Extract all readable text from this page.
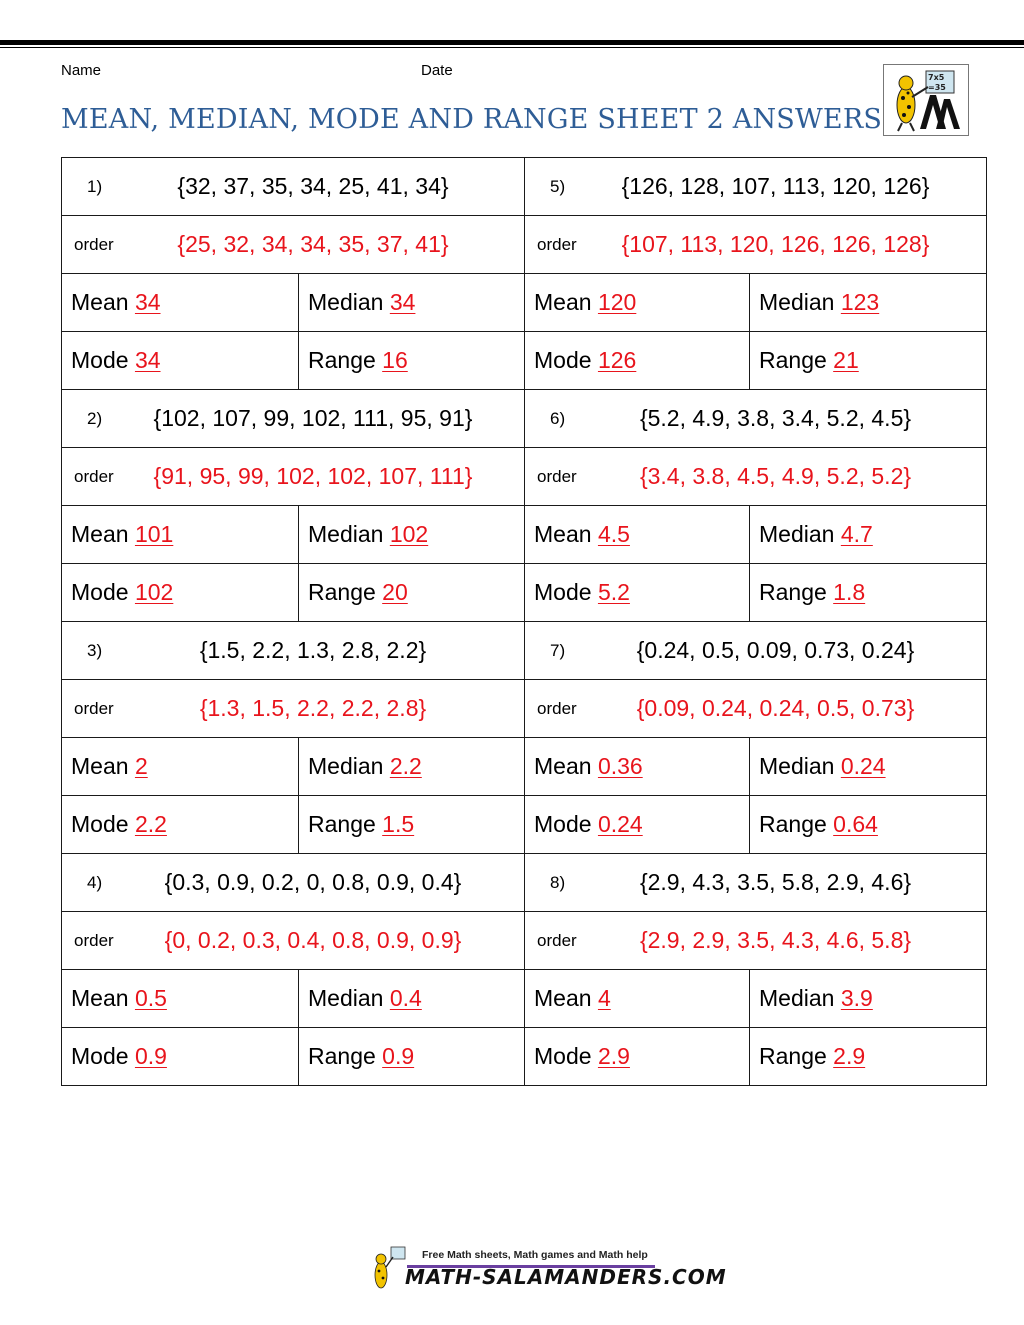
Name	Date
MEAN, MEDIAN, MODE AND RANGE SHEET 2 ANSWERS
7x5
=35
1) {32, 37, 35, 34, 25, 41, 34}		5) {126, 128, 107, 113, 120, 126}	

order {25, 32, 34, 34, 35, 37, 41}		order {107, 113, 120, 126, 126, 128}	

Mean 34	Median 34	Mean 120	Median 123
Mode 34	Range 16	Mode 126	Range 21

2) {102, 107, 99, 102, 111, 95, 91}		6) {5.2, 4.9, 3.8, 3.4, 5.2, 4.5}	

order {91, 95, 99, 102, 102, 107, 111}		order {3.4, 3.8, 4.5, 4.9, 5.2, 5.2}	

Mean 101	Median 102	Mean 4.5	Median 4.7
Mode 102	Range 20	Mode 5.2	Range 1.8

3) {1.5, 2.2, 1.3, 2.8, 2.2}		7) {0.24, 0.5, 0.09, 0.73, 0.24}	

order {1.3, 1.5, 2.2, 2.2, 2.8}		order {0.09, 0.24, 0.24, 0.5, 0.73}	

Mean 2	Median 2.2	Mean 0.36	Median 0.24
Mode 2.2	Range 1.5	Mode 0.24	Range 0.64

4) {0.3, 0.9, 0.2, 0, 0.8, 0.9, 0.4}		8) {2.9, 4.3, 3.5, 5.8, 2.9, 4.6}	

order {0, 0.2, 0.3, 0.4, 0.8, 0.9, 0.9}		order {2.9, 2.9, 3.5, 4.3, 4.6, 5.8}	

Mean 0.5	Median 0.4	Mean 4	Median 3.9
Mode 0.9	Range 0.9	Mode 2.9	Range 2.9
Free Math sheets, Math games and Math help
MATH-SALAMANDERS.COM
